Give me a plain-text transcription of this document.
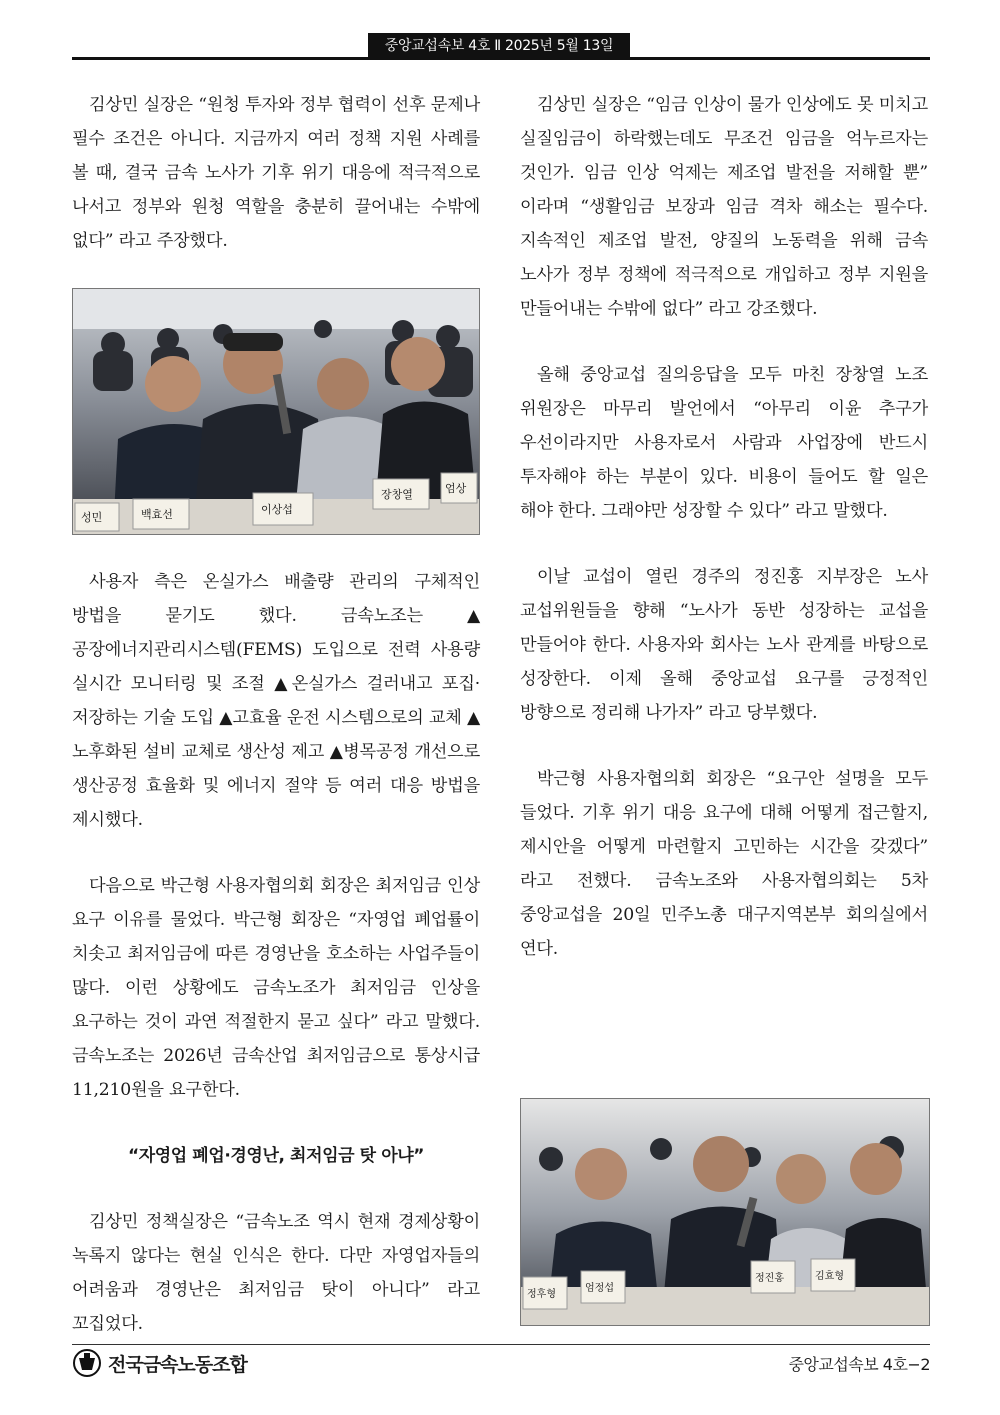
중앙교섭속보 4호 Ⅱ 2025년 5월 13일

김상민 실장은 “원청 투자와 정부 협력이 선후 문제나 필수 조건은 아니다. 지금까지 여러 정책 지원 사례를 볼 때, 결국 금속 노사가 기후 위기 대응에 적극적으로 나서고 정부와 원청 역할을 충분히 끌어내는 수밖에 없다” 라고 주장했다.

성민	백효선	이상섭
장창열	엄상

사용자 측은 온실가스 배출량 관리의 구체적인 방법을 묻기도 했다. 금속노조는 ▲공장에너지관리시스템(FEMS) 도입으로 전력 사용량 실시간 모니터링 및 조절 ▲온실가스 걸러내고 포집·저장하는 기술 도입 ▲고효율 운전 시스템으로의 교체 ▲노후화된 설비 교체로 생산성 제고 ▲병목공정 개선으로 생산공정 효율화 및 에너지 절약 등 여러 대응 방법을 제시했다.

다음으로 박근형 사용자협의회 회장은 최저임금 인상 요구 이유를 물었다. 박근형 회장은 “자영업 폐업률이 치솟고 최저임금에 따른 경영난을 호소하는 사업주들이 많다. 이런 상황에도 금속노조가 최저임금 인상을 요구하는 것이 과연 적절한지 묻고 싶다” 라고 말했다. 금속노조는 2026년 금속산업 최저임금으로 통상시급 11,210원을 요구한다.

“자영업 폐업·경영난, 최저임금 탓 아냐”

김상민 정책실장은 “금속노조 역시 현재 경제상황이 녹록지 않다는 현실 인식은 한다. 다만 자영업자들의 어려움과 경영난은 최저임금 탓이 아니다” 라고 꼬집었다.

김상민 실장은 “임금 인상이 물가 인상에도 못 미치고 실질임금이 하락했는데도 무조건 임금을 억누르자는 것인가. 임금 인상 억제는 제조업 발전을 저해할 뿐” 이라며 “생활임금 보장과 임금 격차 해소는 필수다. 지속적인 제조업 발전, 양질의 노동력을 위해 금속 노사가 정부 정책에 적극적으로 개입하고 정부 지원을 만들어내는 수밖에 없다” 라고 강조했다.

올해 중앙교섭 질의응답을 모두 마친 장창열 노조 위원장은 마무리 발언에서 “아무리 이윤 추구가 우선이라지만 사용자로서 사람과 사업장에 반드시 투자해야 하는 부분이 있다. 비용이 들어도 할 일은 해야 한다. 그래야만 성장할 수 있다” 라고 말했다.

이날 교섭이 열린 경주의 정진홍 지부장은 노사 교섭위원들을 향해 “노사가 동반 성장하는 교섭을 만들어야 한다. 사용자와 회사는 노사 관계를 바탕으로 성장한다. 이제 올해 중앙교섭 요구를 긍정적인 방향으로 정리해 나가자” 라고 당부했다.

박근형 사용자협의회 회장은 “요구안 설명을 모두 들었다. 기후 위기 대응 요구에 대해 어떻게 접근할지, 제시안을 어떻게 마련할지 고민하는 시간을 갖겠다” 라고 전했다. 금속노조와 사용자협의회는 5차 중앙교섭을 20일 민주노총 대구지역본부 회의실에서 연다.

정후형
엄정섭
정진홍	김효형
전국금속노동조합	중앙교섭속보 4호−2
